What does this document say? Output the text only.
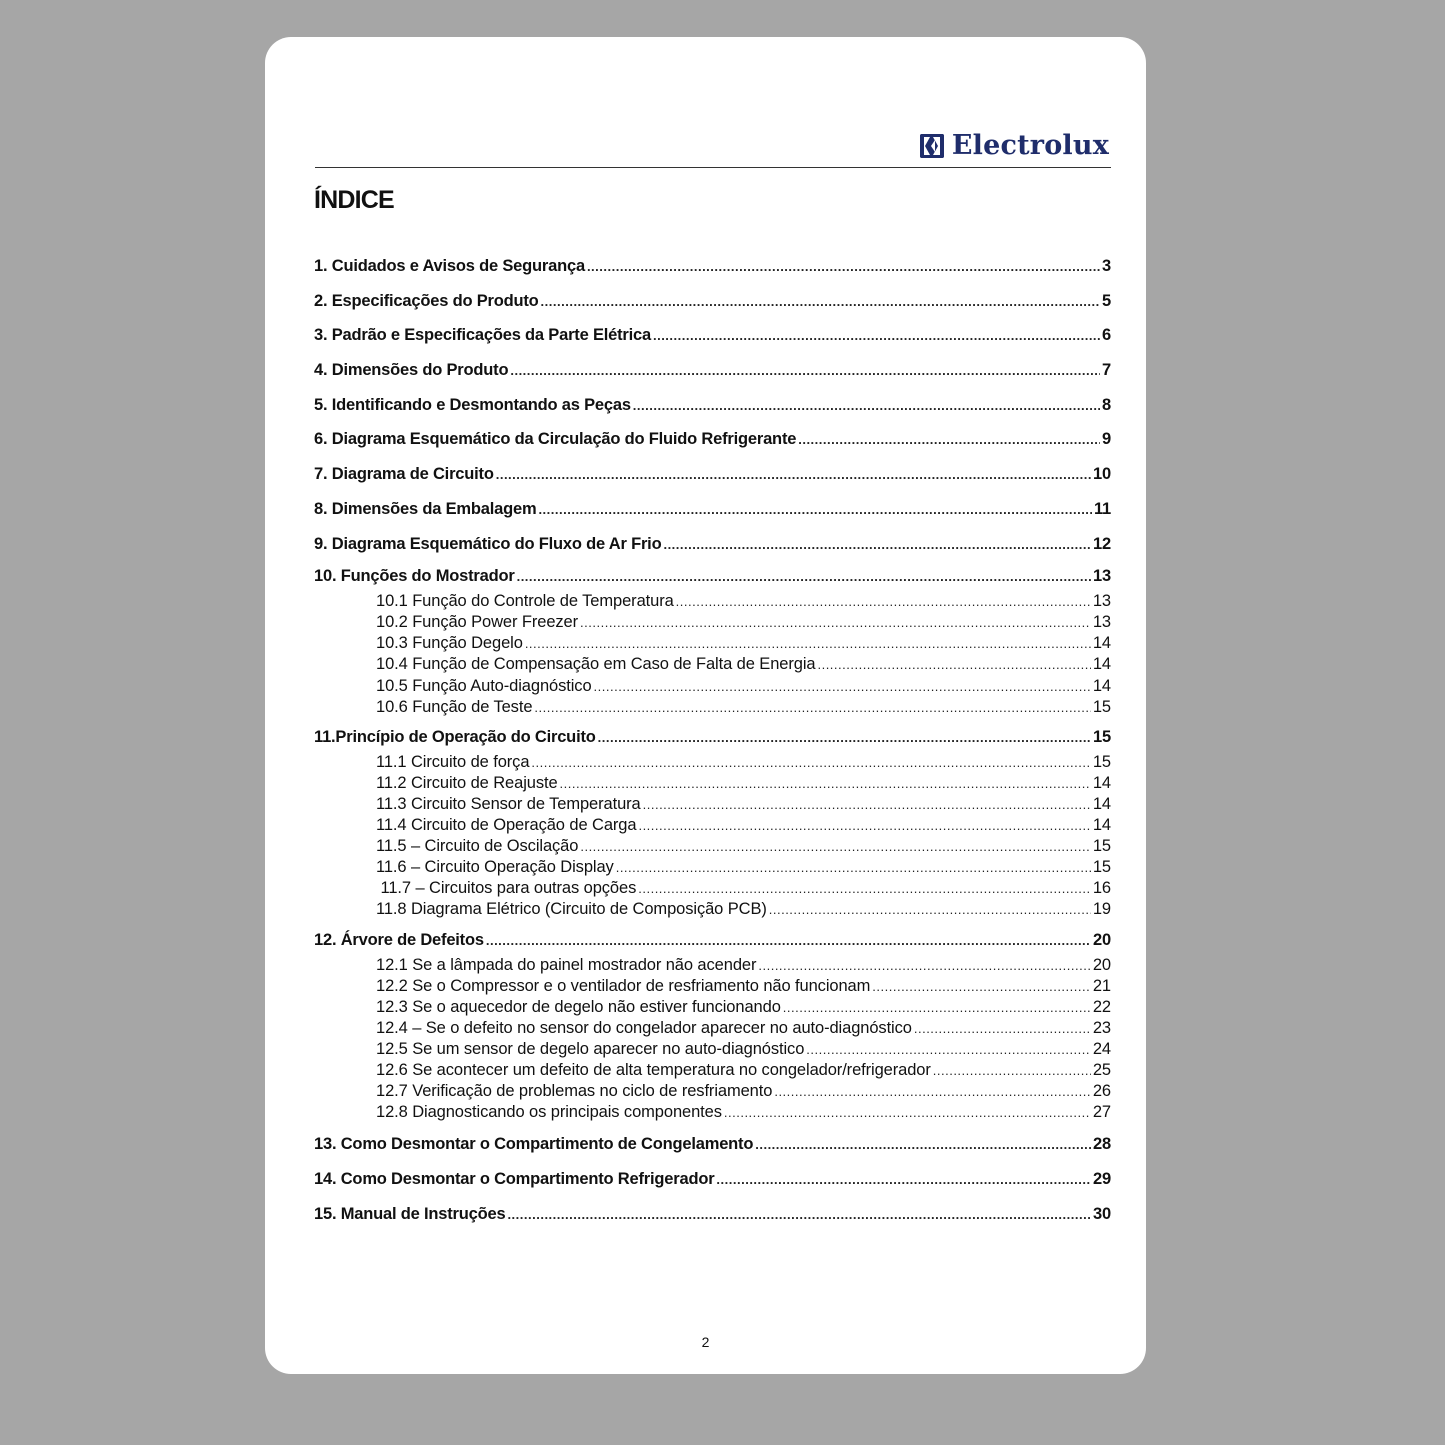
Electrolux
ÍNDICE
1. Cuidados e Avisos de Segurança .....	3
2. Especificações do Produto .....	5
3. Padrão e Especificações da Parte Elétrica .....	6
4. Dimensões do Produto .....	7
5. Identificando e Desmontando as Peças .....	8
6. Diagrama Esquemático da Circulação do Fluido Refrigerante .....	9
7. Diagrama de Circuito .....	10
8. Dimensões da Embalagem .....	11
9. Diagrama Esquemático do Fluxo de Ar Frio .....	12
10. Funções do Mostrador .....	13
10.1 Função do Controle de Temperatura .....	13
10.2 Função Power Freezer .....	13
10.3 Função Degelo .....	14
10.4 Função de Compensação em Caso de Falta de Energia .....	14
10.5 Função Auto-diagnóstico .....	14
10.6 Função de Teste .....	15
11.Princípio de Operação do Circuito .....	15
11.1 Circuito de força .....	15
11.2 Circuito de Reajuste .....	14
11.3 Circuito Sensor de Temperatura .....	14
11.4 Circuito de Operação de Carga .....	14
11.5 – Circuito de Oscilação .....	15
11.6 – Circuito Operação Display .....	15
11.7 – Circuitos para outras opções .....	16
11.8 Diagrama Elétrico (Circuito de Composição PCB) .....	19
12. Árvore de Defeitos .....	20
12.1 Se a lâmpada do painel mostrador não acender .....	20
12.2 Se o Compressor e o ventilador de resfriamento não funcionam .....	21
12.3 Se o aquecedor de degelo não estiver funcionando .....	22
12.4 – Se o defeito no sensor do congelador aparecer no auto-diagnóstico .....	23
12.5 Se um sensor de degelo aparecer no auto-diagnóstico .....	24
12.6 Se acontecer um defeito de alta temperatura no congelador/refrigerador .....	25
12.7 Verificação de problemas no ciclo de resfriamento .....	26
12.8 Diagnosticando os principais componentes .....	27
13. Como Desmontar o Compartimento de Congelamento .....	28
14. Como Desmontar o Compartimento Refrigerador .....	29
15. Manual de Instruções .....	30
2
